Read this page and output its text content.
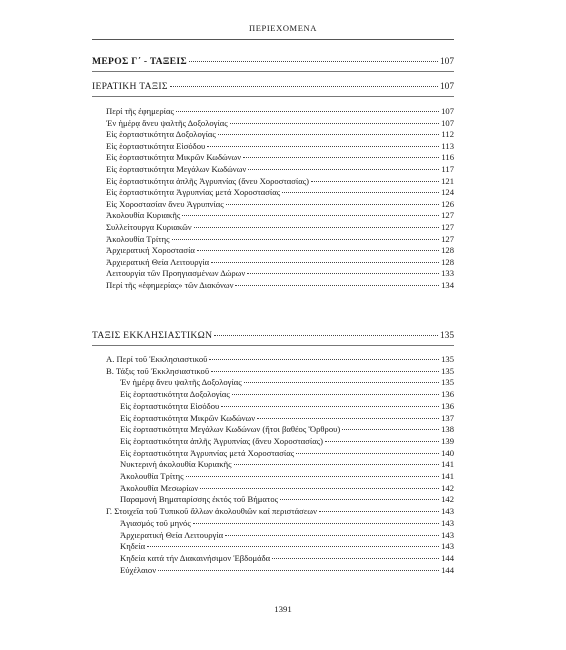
ΠΕΡΙΕΧΟΜΕΝΑ
ΜΕΡΟΣ Γ΄ - ΤΑΞΕΙΣ	107
ΙΕΡΑΤΙΚΗ ΤΑΞΙΣ	107
Περί τῆς ἐφημερίας	107
Ἐν ἡμέρᾳ ἄνευ ψαλτῆς Δοξολογίας	107
Εἰς ἑορταστικότητα Δοξολογίας	112
Εἰς ἑορταστικότητα Εἰσόδου	113
Εἰς ἑορταστικότητα Μικρῶν Κωδώνων	116
Εἰς ἑορταστικότητα Μεγάλων Κωδώνων	117
Εἰς ἑορταστικότητα ἁπλῆς Ἀγρυπνίας (ἄνευ Χοροστασίας)	121
Εἰς ἑορταστικότητα Ἀγρυπνίας μετά Χοροστασίας	124
Εἰς Χοροστασίαν ἄνευ Ἀγρυπνίας	126
Ἀκολουθία Κυριακῆς	127
Συλλείτουργα Κυριακῶν	127
Ἀκολουθία Τρίτης	127
Ἀρχιερατική Χοροστασία	128
Ἀρχιερατική Θεία Λειτουργία	128
Λειτουργία τῶν Προηγιασμένων Δώρων	133
Περί τῆς «ἐφημερίας» τῶν Διακόνων	134
ΤΑΞΙΣ ΕΚΚΛΗΣΙΑΣΤΙΚΩΝ	135
Α. Περί τοῦ Ἐκκλησιαστικοῦ	135
Β. Τάξις τοῦ Ἐκκλησιαστικοῦ	135
Ἐν ἡμέρᾳ ἄνευ ψαλτῆς Δοξολογίας	135
Εἰς ἑορταστικότητα Δοξολογίας	136
Εἰς ἑορταστικότητα Εἰσόδου	136
Εἰς ἑορταστικότητα Μικρῶν Κωδώνων	137
Εἰς ἑορταστικότητα Μεγάλων Κωδώνων (ἤτοι βαθέος Ὄρθρου)	138
Εἰς ἑορταστικότητα ἁπλῆς Ἀγρυπνίας (ἄνευ Χοροστασίας)	139
Εἰς ἑορταστικότητα Ἀγρυπνίας μετά Χοροστασίας	140
Νυκτερινή ἀκολουθία Κυριακῆς	141
Ἀκολουθία Τρίτης	141
Ἀκολουθία Μεσωρίων	142
Παραμονή Βηματαρίσσης ἐκτός τοῦ Βήματος	142
Γ. Στοιχεῖα τοῦ Τυπικοῦ ἄλλων ἀκολουθιῶν καί περιστάσεων	143
Ἁγιασμός τοῦ μηνός	143
Ἀρχιερατική Θεία Λειτουργία	143
Κηδεία	143
Κηδεία κατά τήν Διακαινήσιμον Ἑβδομάδα	144
Εὐχέλαιον	144
1391
